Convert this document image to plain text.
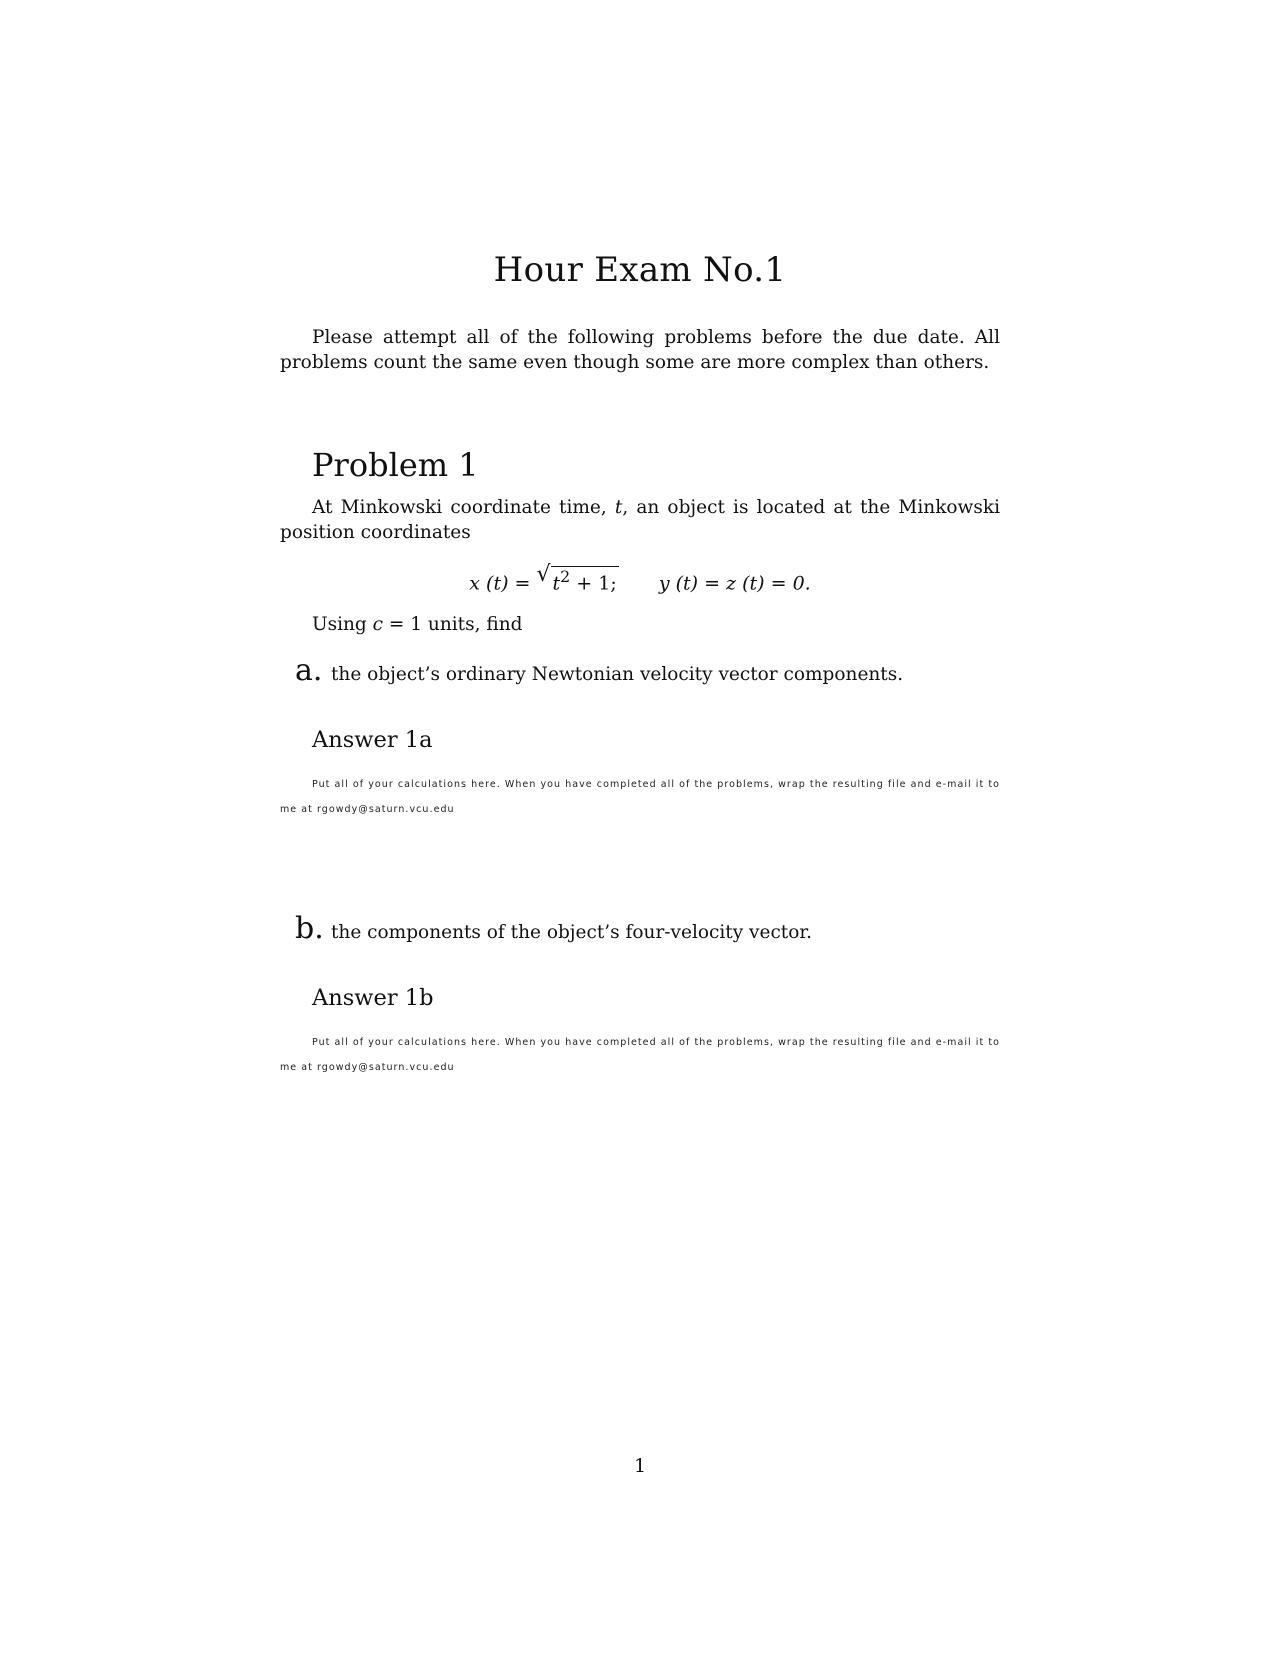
Hour Exam No.1

Please attempt all of the following problems before the due date. All problems count the same even though some are more complex than others.

Problem 1

At Minkowski coordinate time, t, an object is located at the Minkowski position coordinates

x (t) = √ $t^2 + 1$; y (t) = z (t) = 0.
Using c = 1 units, find
a. the object’s ordinary Newtonian velocity vector components.
Answer 1a

Put all of your calculations here. When you have completed all of the problems, wrap the resulting file and e-mail it to me at rgowdy@saturn.vcu.edu

b. the components of the object’s four-velocity vector.
Answer 1b

Put all of your calculations here. When you have completed all of the problems, wrap the resulting file and e-mail it to me at rgowdy@saturn.vcu.edu

1
